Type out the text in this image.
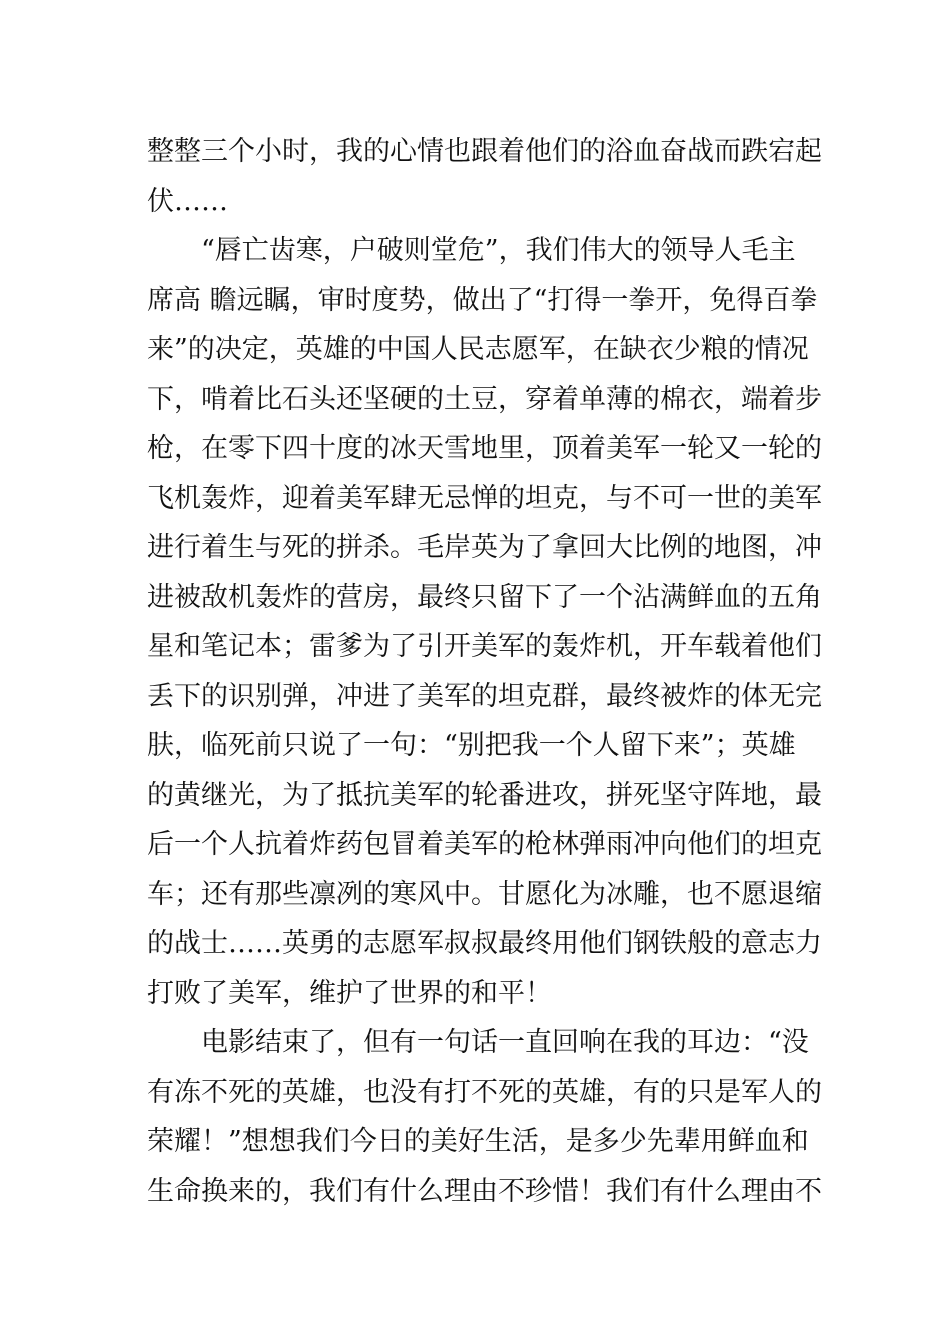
整整三个小时，我的心情也跟着他们的浴血奋战而跌宕起
伏……
“唇亡齿寒，户破则堂危”，我们伟大的领导人毛主
席高 瞻远瞩，审时度势，做出了“打得一拳开，免得百拳
来”的决定，英雄的中国人民志愿军，在缺衣少粮的情况
下，啃着比石头还坚硬的土豆，穿着单薄的棉衣，端着步
枪，在零下四十度的冰天雪地里，顶着美军一轮又一轮的
飞机轰炸，迎着美军肆无忌惮的坦克，与不可一世的美军
进行着生与死的拼杀。毛岸英为了拿回大比例的地图，冲
进被敌机轰炸的营房，最终只留下了一个沾满鲜血的五角
星和笔记本；雷爹为了引开美军的轰炸机，开车载着他们
丢下的识别弹，冲进了美军的坦克群，最终被炸的体无完
肤，临死前只说了一句：“别把我一个人留下来”；英雄
的黄继光，为了抵抗美军的轮番进攻，拼死坚守阵地，最
后一个人抗着炸药包冒着美军的枪林弹雨冲向他们的坦克
车；还有那些凛冽的寒风中。甘愿化为冰雕，也不愿退缩
的战士……英勇的志愿军叔叔最终用他们钢铁般的意志力
打败了美军，维护了世界的和平！
电影结束了，但有一句话一直回响在我的耳边：“没
有冻不死的英雄，也没有打不死的英雄，有的只是军人的
荣耀！”想想我们今日的美好生活，是多少先辈用鲜血和
生命换来的，我们有什么理由不珍惜！我们有什么理由不
